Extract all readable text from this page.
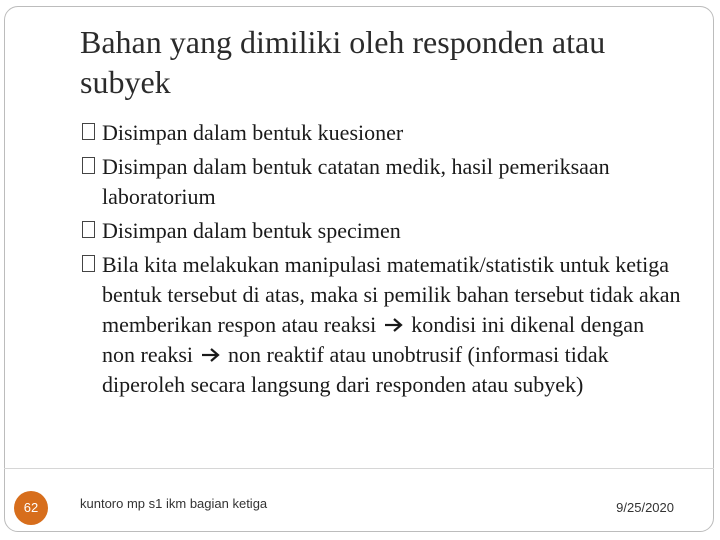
Bahan yang dimiliki oleh responden atau subyek
Disimpan dalam bentuk kuesioner
Disimpan dalam bentuk catatan medik, hasil pemeriksaan laboratorium
Disimpan dalam bentuk specimen
Bila kita melakukan manipulasi matematik/statistik untuk ketiga bentuk tersebut di atas, maka si pemilik bahan tersebut tidak akan memberikan respon atau reaksi  kondisi ini dikenal dengan non reaksi  non reaktif atau unobtrusif (informasi tidak diperoleh secara langsung dari responden atau subyek)
62	kuntoro mp s1 ikm bagian ketiga	9/25/2020
